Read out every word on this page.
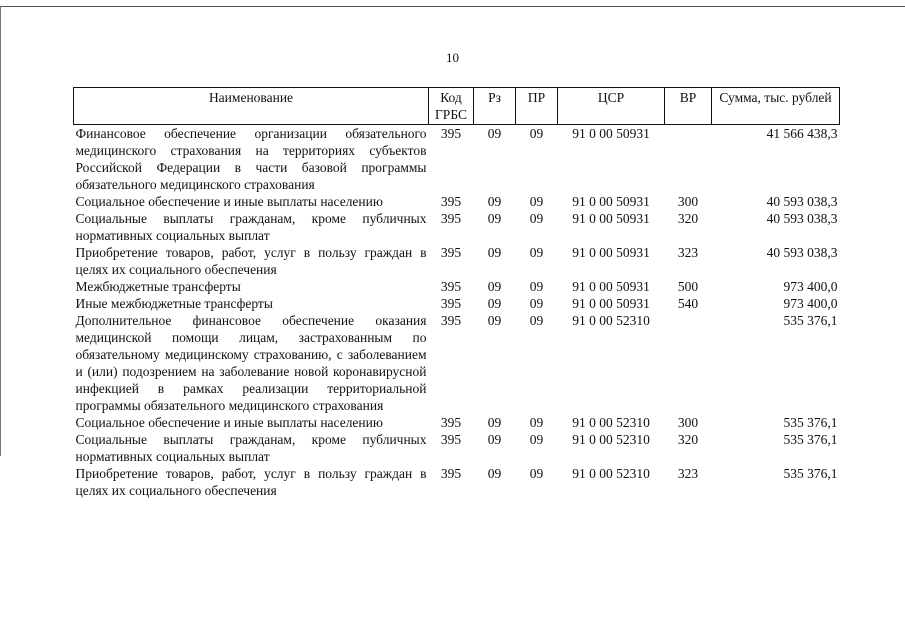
10
Наименование	Код ГРБС	Рз	ПР	ЦСР	ВР	Сумма, тыс. рублей
Финансовое обеспечение организации обязательного медицинского страхования на территориях субъектов Российской Федерации в части базовой программы обязательного медицинского страхования	395	09	09	91 0 00 50931		41 566 438,3
Социальное обеспечение и иные выплаты населению	395	09	09	91 0 00 50931	300	40 593 038,3
Социальные выплаты гражданам, кроме публичных нормативных социальных выплат	395	09	09	91 0 00 50931	320	40 593 038,3
Приобретение товаров, работ, услуг в пользу граждан в целях их социального обеспечения	395	09	09	91 0 00 50931	323	40 593 038,3
Межбюджетные трансферты	395	09	09	91 0 00 50931	500	973 400,0
Иные межбюджетные трансферты	395	09	09	91 0 00 50931	540	973 400,0
Дополнительное финансовое обеспечение оказания медицинской помощи лицам, застрахованным по обязательному медицинскому страхованию, с заболеванием и (или) подозрением на заболевание новой коронавирусной инфекцией в рамках реализации территориальной программы обязательного медицинского страхования	395	09	09	91 0 00 52310		535 376,1
Социальное обеспечение и иные выплаты населению	395	09	09	91 0 00 52310	300	535 376,1
Социальные выплаты гражданам, кроме публичных нормативных социальных выплат	395	09	09	91 0 00 52310	320	535 376,1
Приобретение товаров, работ, услуг в пользу граждан в целях их социального обеспечения	395	09	09	91 0 00 52310	323	535 376,1
